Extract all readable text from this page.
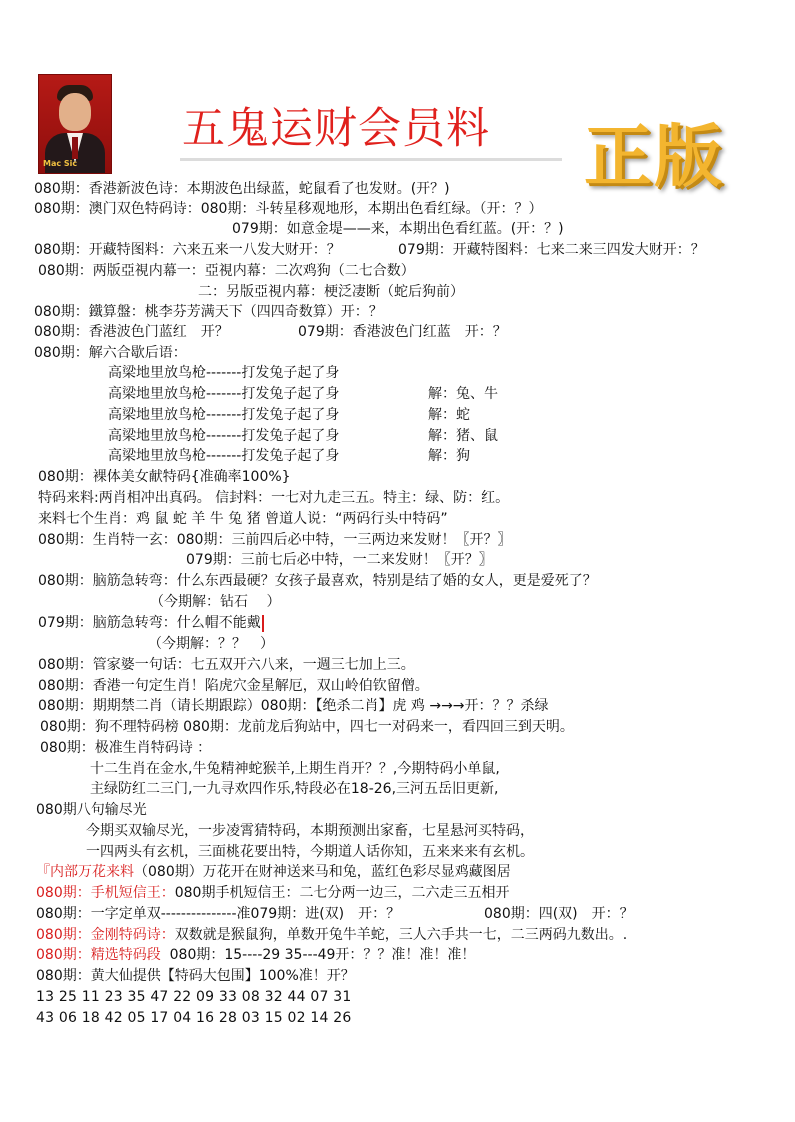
Mac Sic
五鬼运财会员料 正版
080期：香港新波色诗：本期波色出绿蓝，蛇鼠看了也发财。(开？)
080期：澳门双色特码诗：080期：斗转星移观地形，本期出色看红绿。（开：？）
079期：如意金堤——来，本期出色看红蓝。(开：？)
080期：开藏特图料：六来五来一八发大财开：？	079期：开藏特图料：七来二来三四发大财开：？
080期：两版亞視内幕一：亞視内幕：二次鸡狗（二七合数）
二：另版亞視内幕：梗泛凄断（蛇后狗前）
080期：鐵算盤：桃李芬芳满天下（四四奇数算）开：？
080期：香港波色门蓝红　开？	079期：香港波色门红蓝　开：？
080期：解六合歇后语：
高梁地里放鸟枪-------打发兔子起了身
高梁地里放鸟枪-------打发兔子起了身	解：兔、牛
高梁地里放鸟枪-------打发兔子起了身	解：蛇
高梁地里放鸟枪-------打发兔子起了身	解：猪、鼠
高梁地里放鸟枪-------打发兔子起了身	解：狗
080期：裸体美女献特码{准确率100%}
特码来料:两肖相冲出真码。 信封料：一七对九走三五。特主：绿、防：红。
来料七个生肖：鸡 鼠 蛇 羊 牛 兔 猪 曾道人说：“两码行头中特码”
080期：生肖特一玄：080期：三前四后必中特，一三两边来发财！〖开？〗
079期：三前七后必中特，一二来发财！〖开？〗
080期：脑筋急转弯：什么东西最硬？女孩子最喜欢，特别是结了婚的女人，更是爱死了？
（今期解：钻石　 ）
079期：脑筋急转弯：什么帽不能戴
（今期解：？？　）
080期：管家婆一句话：七五双开六八来，一週三七加上三。
080期：香港一句定生肖！陷虎穴金星解厄，双山岭伯钦留僧。
080期：期期禁二肖（请长期跟踪）080期：【绝杀二肖】虎 鸡 →→→开：？？杀绿
080期：狗不理特码榜 080期：龙前龙后狗站中，四七一对码来一，看四回三到天明。
080期：极准生肖特码诗 ：
十二生肖在金水,牛兔精神蛇猴羊,上期生肖开？？,今期特码小单鼠,
主绿防红二三门,一九寻欢四作乐,特段必在18-26,三河五岳旧更新,
080期八句输尽光
今期买双输尽光，一步凌霄猜特码，本期预测出家畜，七星悬河买特码，
一四两头有玄机，三面桃花要出特，今期道人话你知，五来来来有玄机。
『内部万花来料（080期）万花开在财神送来马和兔，蓝红色彩尽显鸡藏图居
080期：手机短信王：080期手机短信王：二七分两一边三，二六走三五相开
080期：一字定单双---------------准079期：进(双)　开：？	080期：四(双)　开：？
080期：金刚特码诗：双数就是猴鼠狗，单数开兔牛羊蛇，三人六手共一七，二三两码九数出。.
080期：精选特码段 080期：15----29 35---49开：？？准！准！准！
080期：黄大仙提供【特码大包围】100%准！开？
13 25 11 23 35 47 22 09 33 08 32 44 07 31
43 06 18 42 05 17 04 16 28 03 15 02 14 26
